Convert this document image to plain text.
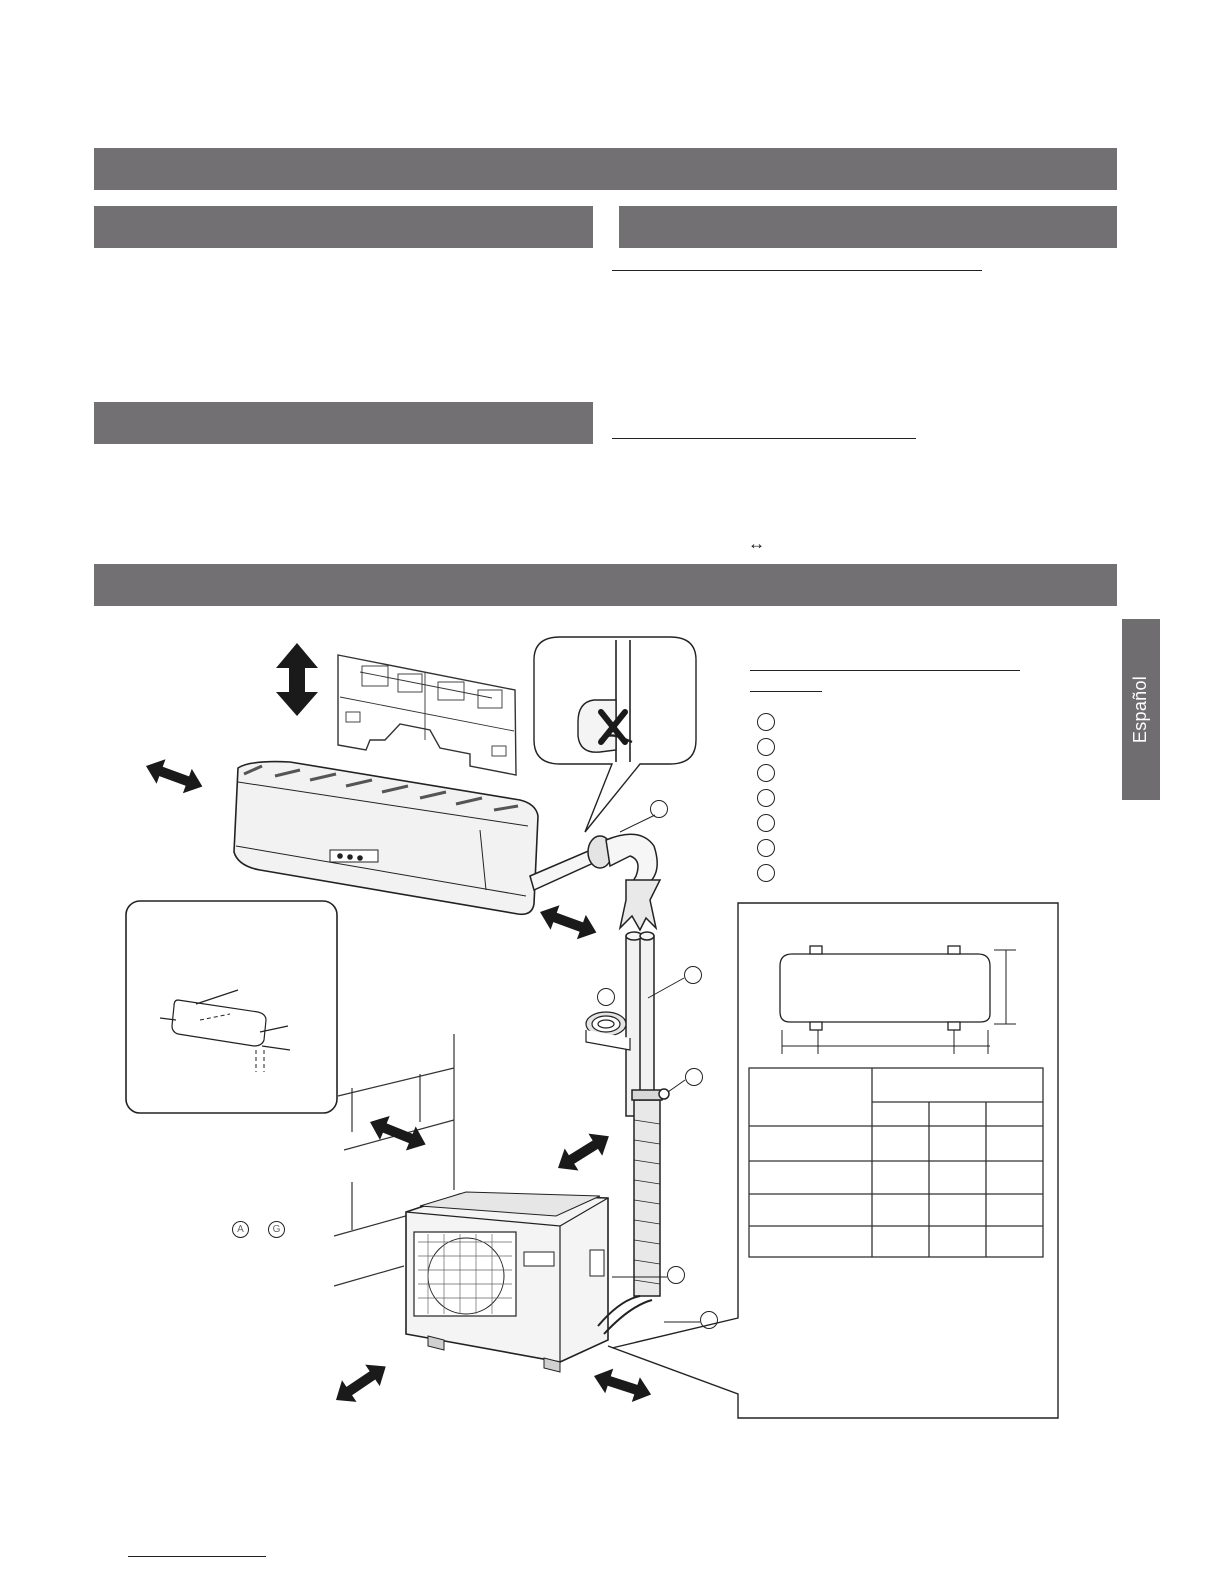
↔
Español
A	G
